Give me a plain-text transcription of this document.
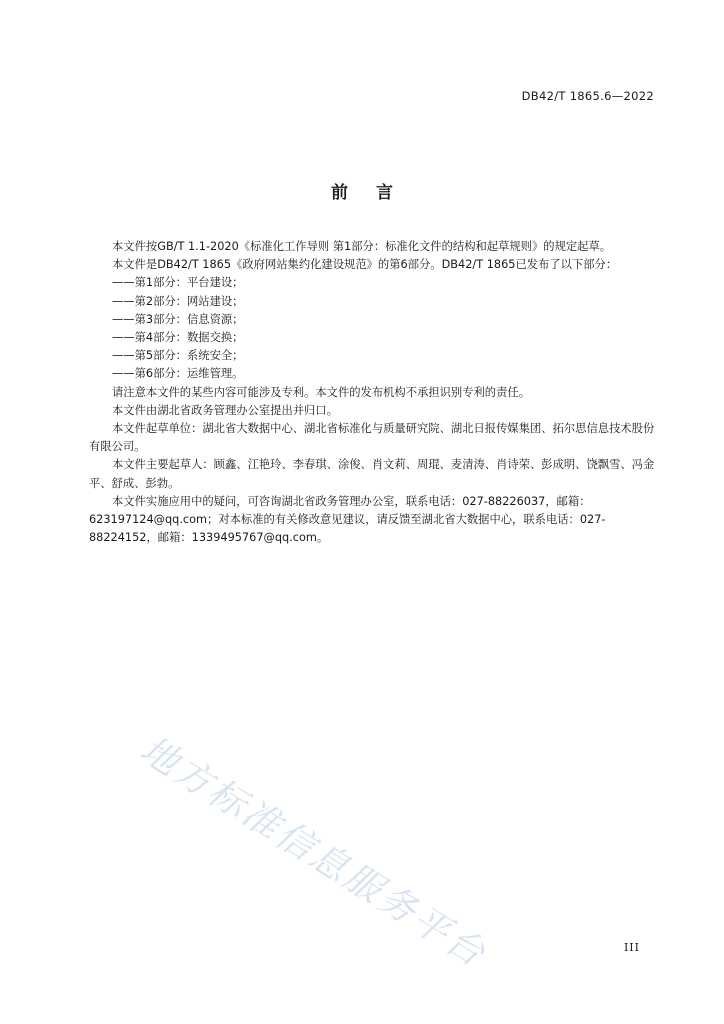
DB42/T 1865.6—2022
前言

本文件按GB/T 1.1-2020《标准化工作导则 第1部分：标准化文件的结构和起草规则》的规定起草。

本文件是DB42/T 1865《政府网站集约化建设规范》的第6部分。DB42/T 1865已发布了以下部分：

——第1部分：平台建设；

——第2部分：网站建设；

——第3部分：信息资源；

——第4部分：数据交换；

——第5部分：系统安全；

——第6部分：运维管理。

请注意本文件的某些内容可能涉及专利。本文件的发布机构不承担识别专利的责任。

本文件由湖北省政务管理办公室提出并归口。

本文件起草单位：湖北省大数据中心、湖北省标准化与质量研究院、湖北日报传媒集团、拓尔思信息技术股份有限公司。

本文件主要起草人：顾鑫、江艳玲、李春琪、涂俊、肖文莉、周琨、麦清涛、肖诗荣、彭成明、饶飘雪、冯金平、舒成、彭勃。

本文件实施应用中的疑问，可咨询湖北省政务管理办公室，联系电话：027-88226037，邮箱：623197124@qq.com；对本标准的有关修改意见建议，请反馈至湖北省大数据中心，联系电话：027-88224152，邮箱：1339495767@qq.com。

地方标准信息服务平台	III
